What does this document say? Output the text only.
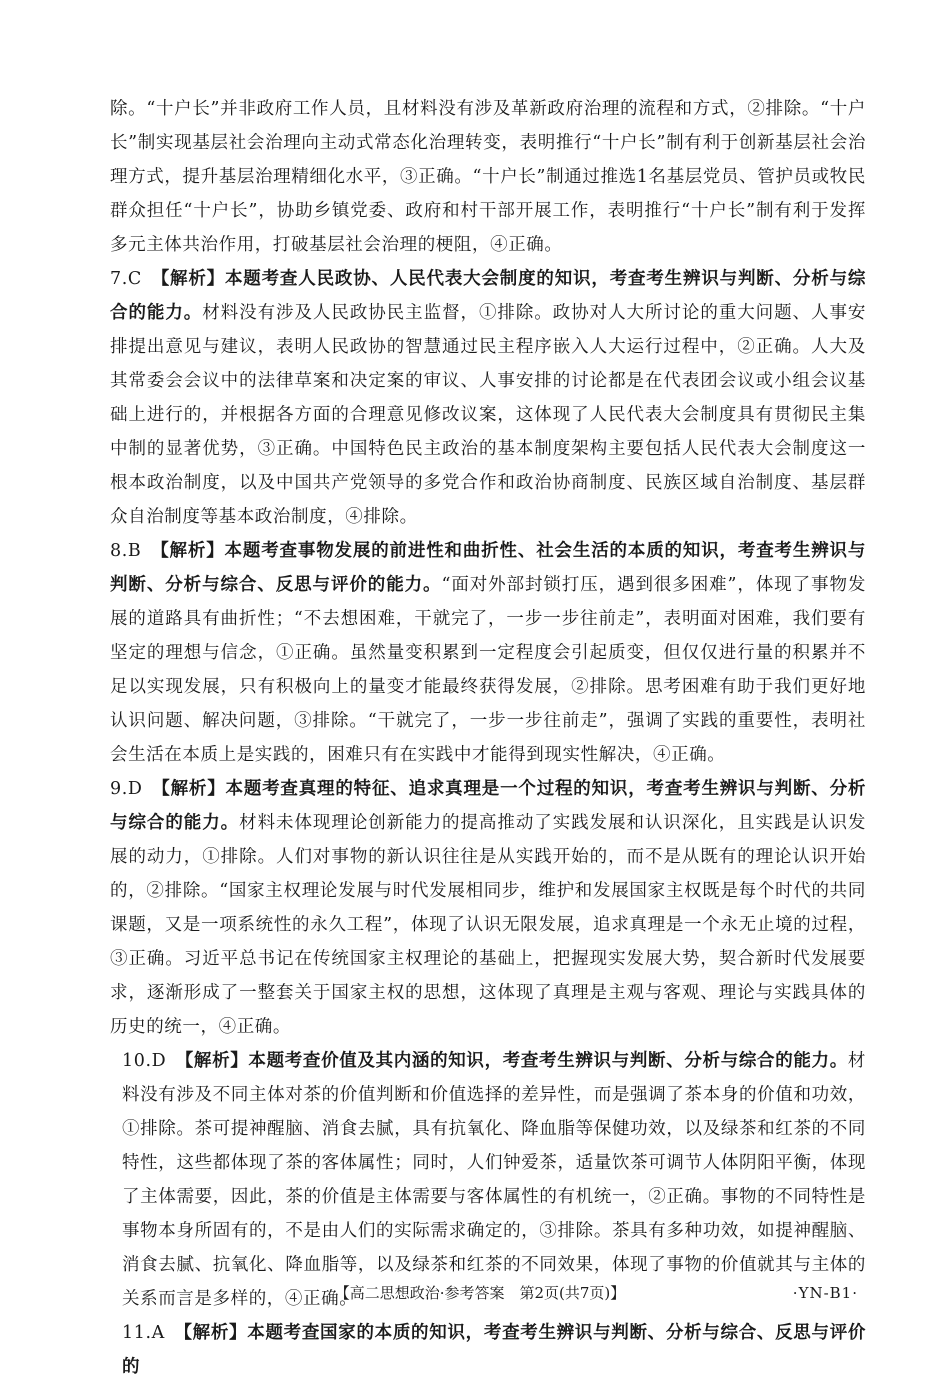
除。“十户长”并非政府工作人员，且材料没有涉及革新政府治理的流程和方式，②排除。“十户长”制实现基层社会治理向主动式常态化治理转变，表明推行“十户长”制有利于创新基层社会治理方式，提升基层治理精细化水平，③正确。“十户长”制通过推选1名基层党员、管护员或牧民群众担任“十户长”，协助乡镇党委、政府和村干部开展工作，表明推行“十户长”制有利于发挥多元主体共治作用，打破基层社会治理的梗阻，④正确。

7.C　 【解析】本题考查人民政协、人民代表大会制度的知识，考查考生辨识与判断、分析与综合的能力。材料没有涉及人民政协民主监督，①排除。政协对人大所讨论的重大问题、人事安排提出意见与建议，表明人民政协的智慧通过民主程序嵌入人大运行过程中，②正确。人大及其常委会会议中的法律草案和决定案的审议、人事安排的讨论都是在代表团会议或小组会议基础上进行的，并根据各方面的合理意见修改议案，这体现了人民代表大会制度具有贯彻民主集中制的显著优势，③正确。中国特色民主政治的基本制度架构主要包括人民代表大会制度这一根本政治制度，以及中国共产党领导的多党合作和政治协商制度、民族区域自治制度、基层群众自治制度等基本政治制度，④排除。

8.B　 【解析】本题考查事物发展的前进性和曲折性、社会生活的本质的知识，考查考生辨识与判断、分析与综合、反思与评价的能力。“面对外部封锁打压，遇到很多困难”，体现了事物发展的道路具有曲折性；“不去想困难，干就完了，一步一步往前走”，表明面对困难，我们要有坚定的理想与信念，①正确。虽然量变积累到一定程度会引起质变，但仅仅进行量的积累并不足以实现发展，只有积极向上的量变才能最终获得发展，②排除。思考困难有助于我们更好地认识问题、解决问题，③排除。“干就完了，一步一步往前走”，强调了实践的重要性，表明社会生活在本质上是实践的，困难只有在实践中才能得到现实性解决，④正确。

9.D　 【解析】本题考查真理的特征、追求真理是一个过程的知识，考查考生辨识与判断、分析与综合的能力。材料未体现理论创新能力的提高推动了实践发展和认识深化，且实践是认识发展的动力，①排除。人们对事物的新认识往往是从实践开始的，而不是从既有的理论认识开始的，②排除。“国家主权理论发展与时代发展相同步，维护和发展国家主权既是每个时代的共同课题，又是一项系统性的永久工程”，体现了认识无限发展，追求真理是一个永无止境的过程，③正确。习近平总书记在传统国家主权理论的基础上，把握现实发展大势，契合新时代发展要求，逐渐形成了一整套关于国家主权的思想，这体现了真理是主观与客观、理论与实践具体的历史的统一，④正确。

10.D　 【解析】本题考查价值及其内涵的知识，考查考生辨识与判断、分析与综合的能力。材料没有涉及不同主体对茶的价值判断和价值选择的差异性，而是强调了茶本身的价值和功效，①排除。茶可提神醒脑、消食去腻，具有抗氧化、降血脂等保健功效，以及绿茶和红茶的不同特性，这些都体现了茶的客体属性；同时，人们钟爱茶，适量饮茶可调节人体阴阳平衡，体现了主体需要，因此，茶的价值是主体需要与客体属性的有机统一，②正确。事物的不同特性是事物本身所固有的，不是由人们的实际需求确定的，③排除。茶具有多种功效，如提神醒脑、消食去腻、抗氧化、降血脂等，以及绿茶和红茶的不同效果，体现了事物的价值就其与主体的关系而言是多样的，④正确。

11.A　 【解析】本题考查国家的本质的知识，考查考生辨识与判断、分析与综合、反思与评价的

【高二思想政治·参考答案　第2页(共7页)】	·YN-B1·
